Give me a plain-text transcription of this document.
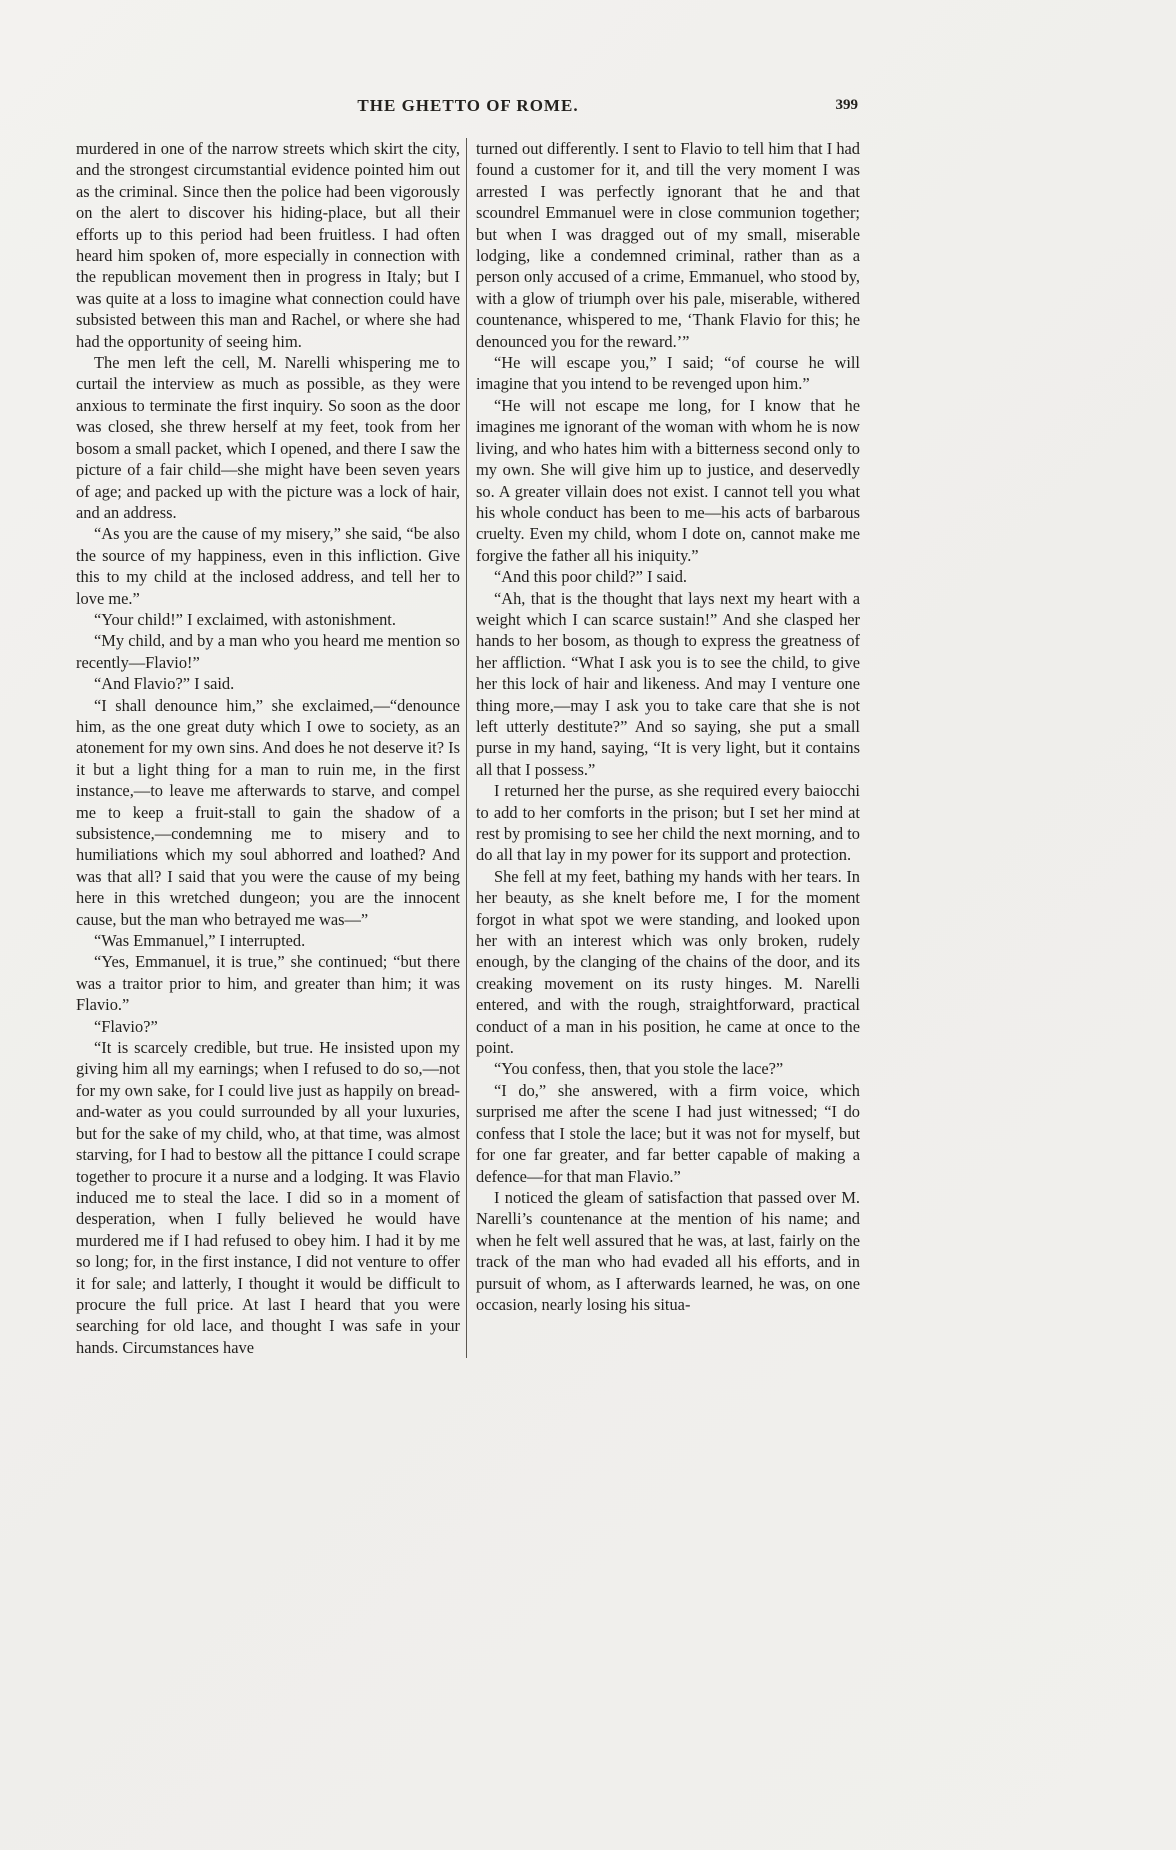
THE GHETTO OF ROME.	399

murdered in one of the narrow streets which skirt the city, and the strongest circumstantial evidence pointed him out as the criminal. Since then the police had been vigorously on the alert to discover his hiding-place, but all their efforts up to this period had been fruitless. I had often heard him spoken of, more especially in connection with the republican movement then in progress in Italy; but I was quite at a loss to imagine what connection could have subsisted between this man and Rachel, or where she had had the opportunity of seeing him.

The men left the cell, M. Narelli whispering me to curtail the interview as much as possible, as they were anxious to terminate the first inquiry. So soon as the door was closed, she threw herself at my feet, took from her bosom a small packet, which I opened, and there I saw the picture of a fair child—she might have been seven years of age; and packed up with the picture was a lock of hair, and an address.

“As you are the cause of my misery,” she said, “be also the source of my happiness, even in this infliction. Give this to my child at the inclosed address, and tell her to love me.”

“Your child!” I exclaimed, with astonishment.

“My child, and by a man who you heard me mention so recently—Flavio!”

“And Flavio?” I said.

“I shall denounce him,” she exclaimed,—“denounce him, as the one great duty which I owe to society, as an atonement for my own sins. And does he not deserve it? Is it but a light thing for a man to ruin me, in the first instance,—to leave me afterwards to starve, and compel me to keep a fruit-stall to gain the shadow of a subsistence,—condemning me to misery and to humiliations which my soul abhorred and loathed? And was that all? I said that you were the cause of my being here in this wretched dungeon; you are the innocent cause, but the man who betrayed me was—”

“Was Emmanuel,” I interrupted.

“Yes, Emmanuel, it is true,” she continued; “but there was a traitor prior to him, and greater than him; it was Flavio.”

“Flavio?”

“It is scarcely credible, but true. He insisted upon my giving him all my earnings; when I refused to do so,—not for my own sake, for I could live just as happily on bread-and-water as you could surrounded by all your luxuries, but for the sake of my child, who, at that time, was almost starving, for I had to bestow all the pittance I could scrape together to procure it a nurse and a lodging. It was Flavio induced me to steal the lace. I did so in a moment of desperation, when I fully believed he would have murdered me if I had refused to obey him. I had it by me so long; for, in the first instance, I did not venture to offer it for sale; and latterly, I thought it would be difficult to procure the full price. At last I heard that you were searching for old lace, and thought I was safe in your hands. Circumstances have

turned out differently. I sent to Flavio to tell him that I had found a customer for it, and till the very moment I was arrested I was perfectly ignorant that he and that scoundrel Emmanuel were in close communion together; but when I was dragged out of my small, miserable lodging, like a condemned criminal, rather than as a person only accused of a crime, Emmanuel, who stood by, with a glow of triumph over his pale, miserable, withered countenance, whispered to me, ‘Thank Flavio for this; he denounced you for the reward.’”

“He will escape you,” I said; “of course he will imagine that you intend to be revenged upon him.”

“He will not escape me long, for I know that he imagines me ignorant of the woman with whom he is now living, and who hates him with a bitterness second only to my own. She will give him up to justice, and deservedly so. A greater villain does not exist. I cannot tell you what his whole conduct has been to me—his acts of barbarous cruelty. Even my child, whom I dote on, cannot make me forgive the father all his iniquity.”

“And this poor child?” I said.

“Ah, that is the thought that lays next my heart with a weight which I can scarce sustain!” And she clasped her hands to her bosom, as though to express the greatness of her affliction. “What I ask you is to see the child, to give her this lock of hair and likeness. And may I venture one thing more,—may I ask you to take care that she is not left utterly destitute?” And so saying, she put a small purse in my hand, saying, “It is very light, but it contains all that I possess.”

I returned her the purse, as she required every baiocchi to add to her comforts in the prison; but I set her mind at rest by promising to see her child the next morning, and to do all that lay in my power for its support and protection.

She fell at my feet, bathing my hands with her tears. In her beauty, as she knelt before me, I for the moment forgot in what spot we were standing, and looked upon her with an interest which was only broken, rudely enough, by the clanging of the chains of the door, and its creaking movement on its rusty hinges. M. Narelli entered, and with the rough, straightforward, practical conduct of a man in his position, he came at once to the point.

“You confess, then, that you stole the lace?”

“I do,” she answered, with a firm voice, which surprised me after the scene I had just witnessed; “I do confess that I stole the lace; but it was not for myself, but for one far greater, and far better capable of making a defence—for that man Flavio.”

I noticed the gleam of satisfaction that passed over M. Narelli’s countenance at the mention of his name; and when he felt well assured that he was, at last, fairly on the track of the man who had evaded all his efforts, and in pursuit of whom, as I afterwards learned, he was, on one occasion, nearly losing his situa-
